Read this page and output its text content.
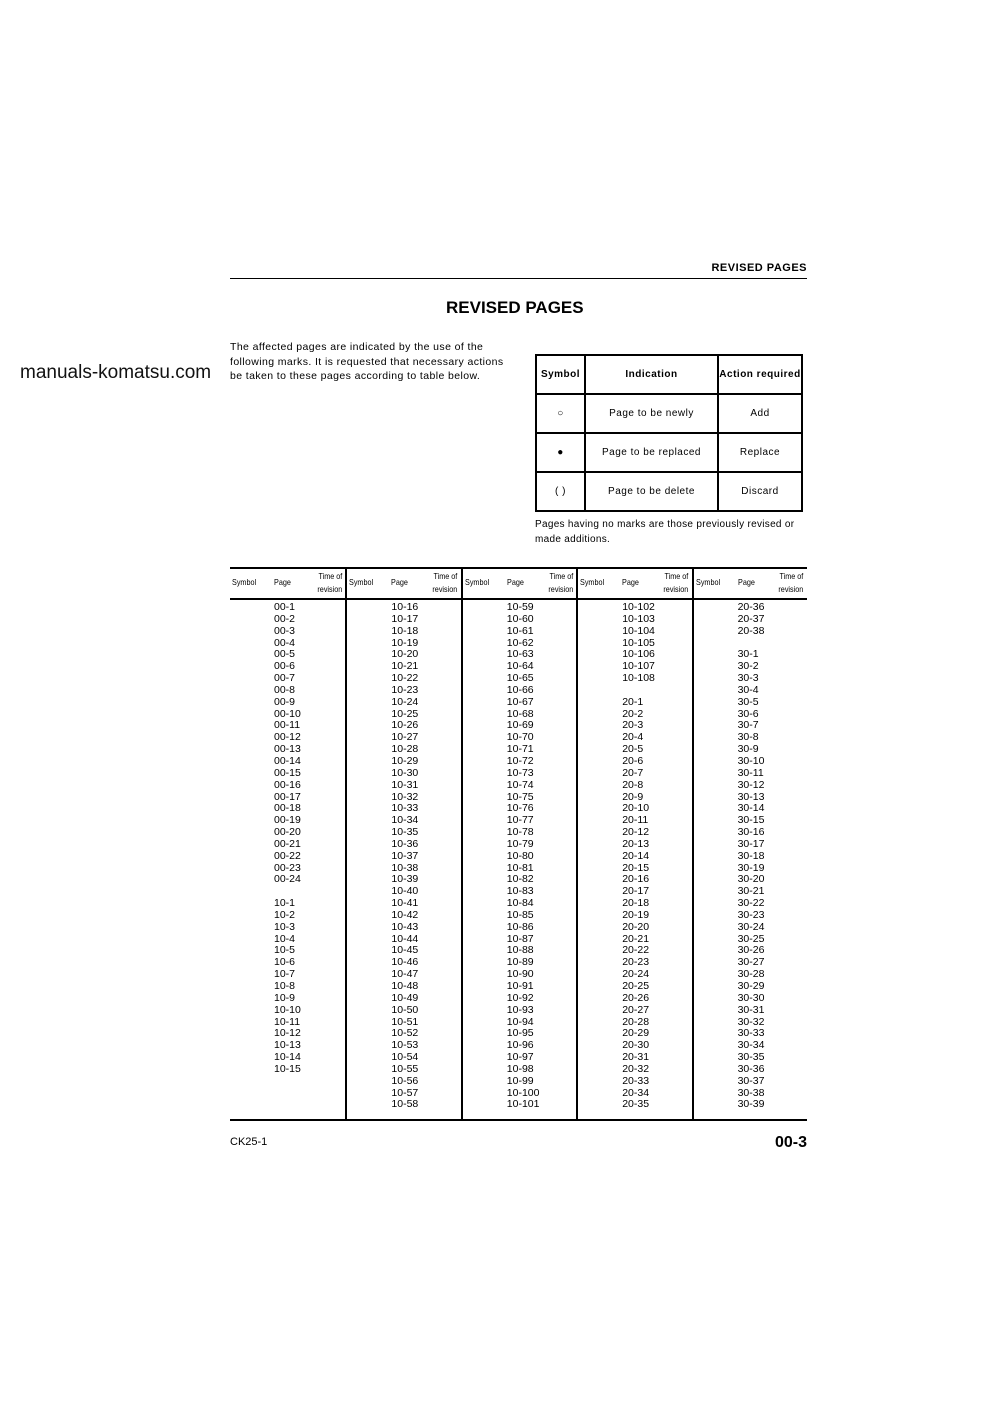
REVISED PAGES
REVISED PAGES
The affected pages are indicated by the use of the following marks. It is requested that necessary actions be taken to these pages according to table below.
manuals-komatsu.com	Symbol	Indication	Action required
○	Page to be newly	Add
●	Page to be replaced	Replace
( )	Page to be delete	Discard
Pages having no marks are those previously revised or made additions.
Symbol Page
Time of
revision
00-1
00-2
00-3
00-4
00-5
00-6
00-7
00-8
00-9
00-10
00-11
00-12
00-13
00-14
00-15
00-16
00-17
00-18
00-19
00-20
00-21
00-22
00-23
00-24
10-1
10-2
10-3
10-4
10-5
10-6
10-7
10-8
10-9
10-10
10-11
10-12
10-13
10-14
10-15
Symbol Page
Time of
revision
10-16
10-17
10-18
10-19
10-20
10-21
10-22
10-23
10-24
10-25
10-26
10-27
10-28
10-29
10-30
10-31
10-32
10-33
10-34
10-35
10-36
10-37
10-38
10-39
10-40
10-41
10-42
10-43
10-44
10-45
10-46
10-47
10-48
10-49
10-50
10-51
10-52
10-53
10-54
10-55
10-56
10-57
10-58
Symbol Page
Time of
revision
10-59
10-60
10-61
10-62
10-63
10-64
10-65
10-66
10-67
10-68
10-69
10-70
10-71
10-72
10-73
10-74
10-75
10-76
10-77
10-78
10-79
10-80
10-81
10-82
10-83
10-84
10-85
10-86
10-87
10-88
10-89
10-90
10-91
10-92
10-93
10-94
10-95
10-96
10-97
10-98
10-99
10-100
10-101
Symbol Page
Time of
revision
10-102
10-103
10-104
10-105
10-106
10-107
10-108
20-1
20-2
20-3
20-4
20-5
20-6
20-7
20-8
20-9
20-10
20-11
20-12
20-13
20-14
20-15
20-16
20-17
20-18
20-19
20-20
20-21
20-22
20-23
20-24
20-25
20-26
20-27
20-28
20-29
20-30
20-31
20-32
20-33
20-34
20-35
Symbol Page
Time of
revision
20-36
20-37
20-38
30-1
30-2
30-3
30-4
30-5
30-6
30-7
30-8
30-9
30-10
30-11
30-12
30-13
30-14
30-15
30-16
30-17
30-18
30-19
30-20
30-21
30-22
30-23
30-24
30-25
30-26
30-27
30-28
30-29
30-30
30-31
30-32
30-33
30-34
30-35
30-36
30-37
30-38
30-39
CK25-1	00-3
